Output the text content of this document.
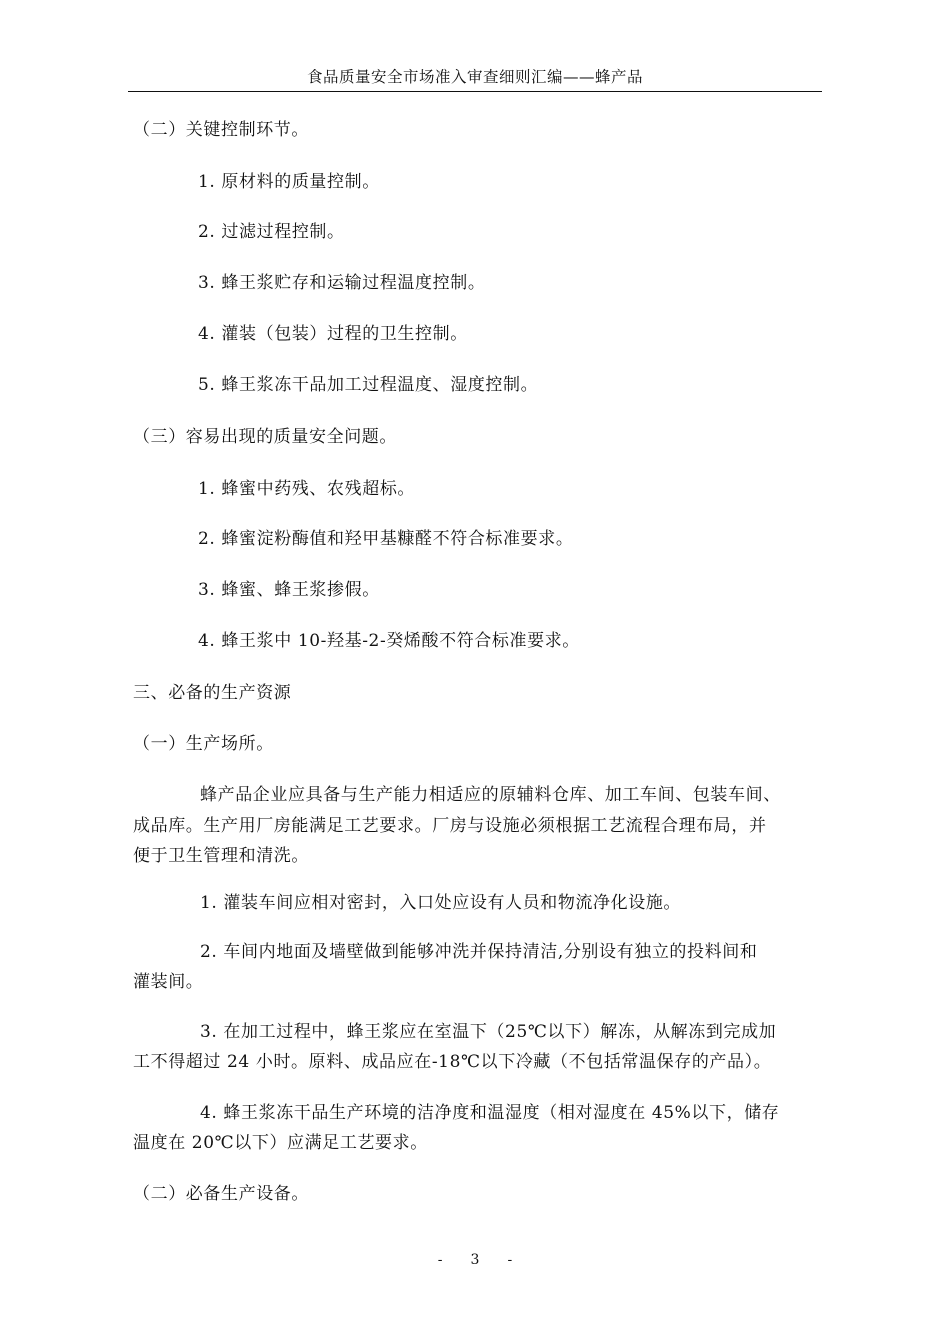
食品质量安全市场准入审查细则汇编——蜂产品
（二）关键控制环节。
1. 原材料的质量控制。
2. 过滤过程控制。
3. 蜂王浆贮存和运输过程温度控制。
4. 灌装（包装）过程的卫生控制。
5. 蜂王浆冻干品加工过程温度、湿度控制。
（三）容易出现的质量安全问题。
1. 蜂蜜中药残、农残超标。
2. 蜂蜜淀粉酶值和羟甲基糠醛不符合标准要求。
3. 蜂蜜、蜂王浆掺假。
4. 蜂王浆中 10-羟基-2-癸烯酸不符合标准要求。
三、必备的生产资源
（一）生产场所。
蜂产品企业应具备与生产能力相适应的原辅料仓库、加工车间、包装车间、
成品库。生产用厂房能满足工艺要求。厂房与设施必须根据工艺流程合理布局，并
便于卫生管理和清洗。
1. 灌装车间应相对密封，入口处应设有人员和物流净化设施。
2. 车间内地面及墙壁做到能够冲洗并保持清洁,分别设有独立的投料间和
灌装间。
3. 在加工过程中，蜂王浆应在室温下（25℃以下）解冻，从解冻到完成加
工不得超过 24 小时。原料、成品应在-18℃以下冷藏（不包括常温保存的产品）。
4. 蜂王浆冻干品生产环境的洁净度和温湿度（相对湿度在 45%以下，储存
温度在 20℃以下）应满足工艺要求。
（二）必备生产设备。
- 3 -
